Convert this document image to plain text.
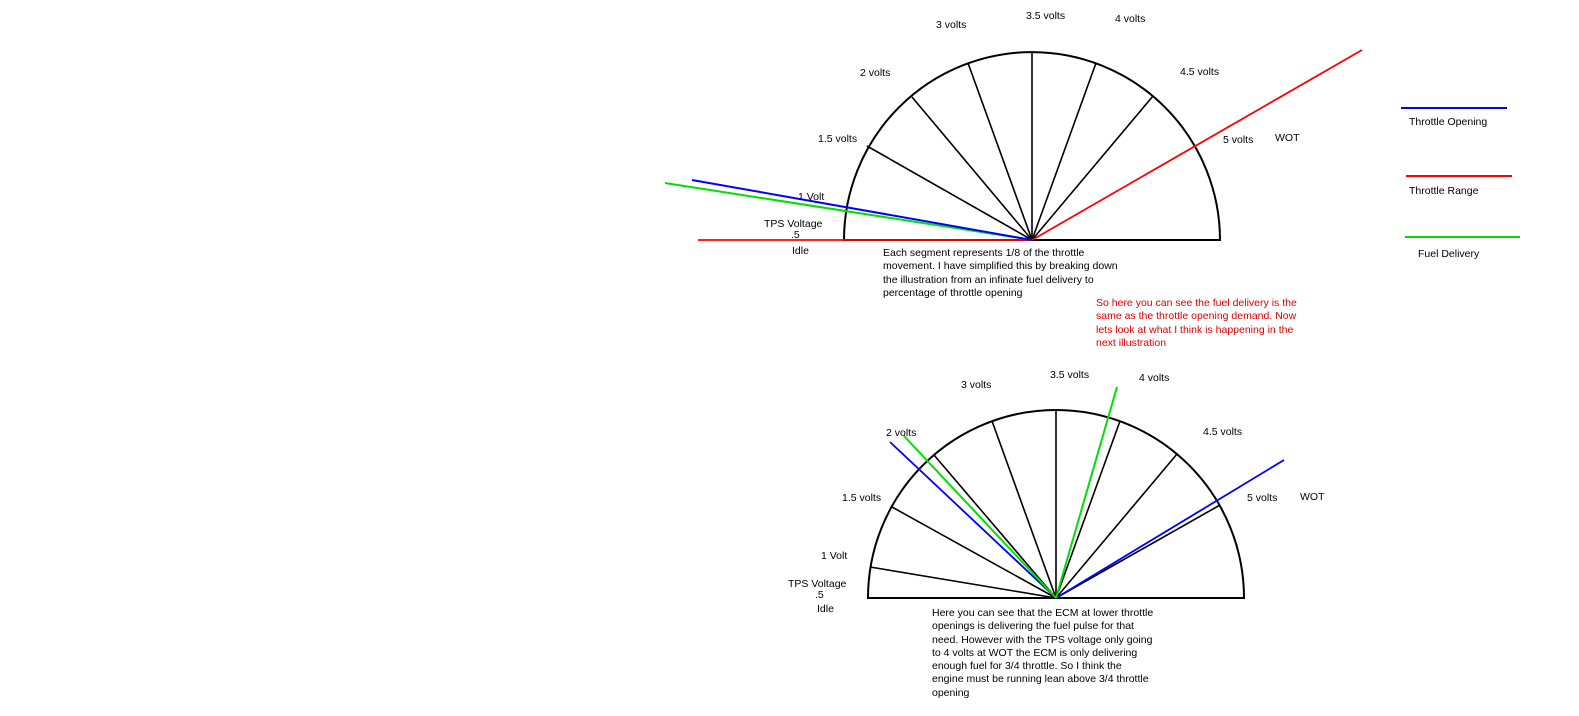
3 volts
3.5 volts	4 volts
2 volts	4.5 volts
1.5 volts	5 volts WOT
1 Volt
TPS Voltage
.5
Idle
3 volts
3.5 volts	4 volts
2 volts	4.5 volts
1.5 volts	5 volts WOT
1 Volt
TPS Voltage
.5
Idle
Throttle Opening
Throttle Range
Fuel Delivery
Each segment represents 1/8 of the throttle
movement. I have simplified this by breaking down
the illustration from an infinate fuel delivery to
percentage of throttle opening
So here you can see the fuel delivery is the
same as the throttle opening demand. Now
lets look at what I think is happening in the
next illustration
Here you can see that the ECM at lower throttle
openings is delivering the fuel pulse for that
need. However with the TPS voltage only going
to 4 volts at WOT the ECM is only delivering
enough fuel for 3/4 throttle. So I think the
engine must be running lean above 3/4 throttle
opening
